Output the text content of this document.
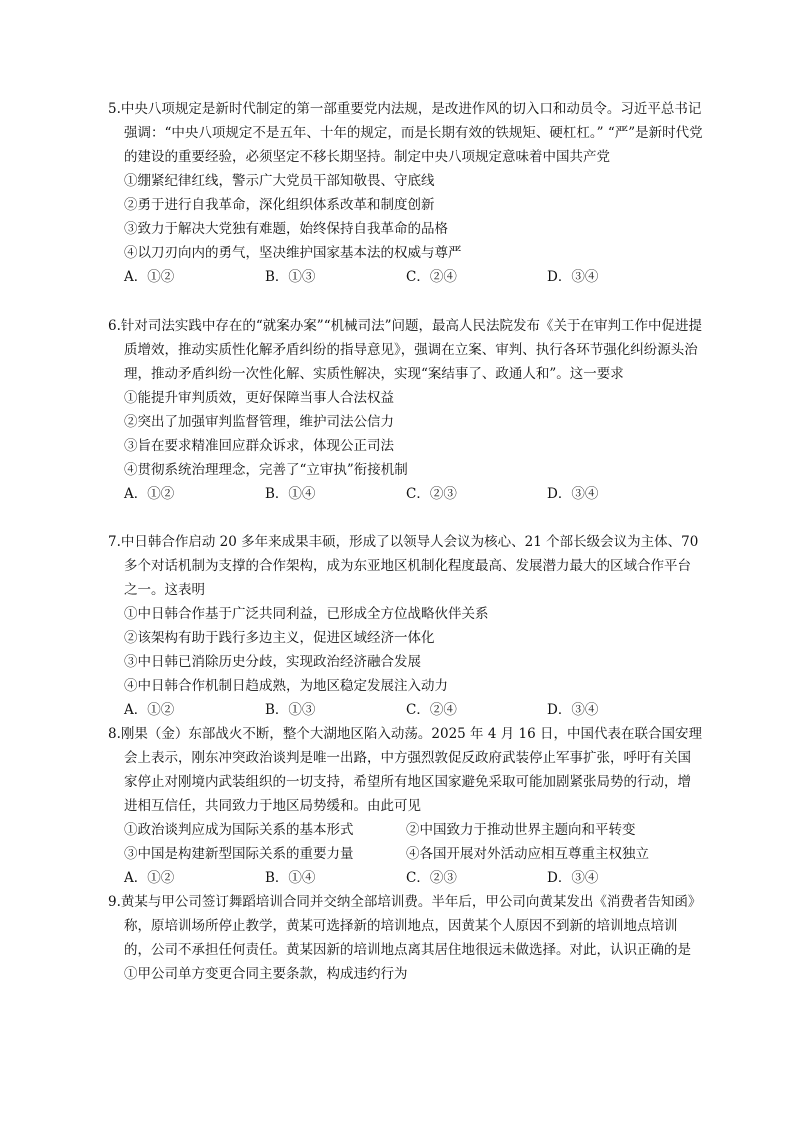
5.中央八项规定是新时代制定的第一部重要党内法规，是改进作风的切入口和动员令。习近平总书记强调：“中央八项规定不是五年、十年的规定，而是长期有效的铁规矩、硬杠杠。” “严”是新时代党的建设的重要经验，必须坚定不移长期坚持。制定中央八项规定意味着中国共产党

①绷紧纪律红线，警示广大党员干部知敬畏、守底线

②勇于进行自我革命，深化组织体系改革和制度创新

③致力于解决大党独有难题，始终保持自我革命的品格

④以刀刃向内的勇气，坚决维护国家基本法的权威与尊严

A．①②	B．①③	C．②④	D．③④

6.针对司法实践中存在的“就案办案”“机械司法”问题，最高人民法院发布《关于在审判工作中促进提质增效，推动实质性化解矛盾纠纷的指导意见》，强调在立案、审判、执行各环节强化纠纷源头治理，推动矛盾纠纷一次性化解、实质性解决，实现“案结事了、政通人和”。这一要求

①能提升审判质效，更好保障当事人合法权益

②突出了加强审判监督管理，维护司法公信力

③旨在要求精准回应群众诉求，体现公正司法

④贯彻系统治理理念，完善了“立审执”衔接机制

A．①②	B．①④	C．②③	D．③④

7.中日韩合作启动 20 多年来成果丰硕，形成了以领导人会议为核心、21 个部长级会议为主体、70 多个对话机制为支撑的合作架构，成为东亚地区机制化程度最高、发展潜力最大的区域合作平台之一。这表明

①中日韩合作基于广泛共同利益，已形成全方位战略伙伴关系

②该架构有助于践行多边主义，促进区域经济一体化

③中日韩已消除历史分歧，实现政治经济融合发展

④中日韩合作机制日趋成熟，为地区稳定发展注入动力

A．①②	B．①③	C．②④	D．③④

8.刚果（金）东部战火不断，整个大湖地区陷入动荡。2025 年 4 月 16 日，中国代表在联合国安理会上表示，刚东冲突政治谈判是唯一出路，中方强烈敦促反政府武装停止军事扩张，呼吁有关国家停止对刚境内武装组织的一切支持，希望所有地区国家避免采取可能加剧紧张局势的行动，增进相互信任，共同致力于地区局势缓和。由此可见

①政治谈判应成为国际关系的基本形式	②中国致力于推动世界主题向和平转变
③中国是构建新型国际关系的重要力量	④各国开展对外活动应相互尊重主权独立
A．①②	B．①④	C．②③	D．③④

9.黄某与甲公司签订舞蹈培训合同并交纳全部培训费。半年后，甲公司向黄某发出《消费者告知函》称，原培训场所停止教学，黄某可选择新的培训地点，因黄某个人原因不到新的培训地点培训的，公司不承担任何责任。黄某因新的培训地点离其居住地很远未做选择。对此，认识正确的是

①甲公司单方变更合同主要条款，构成违约行为
